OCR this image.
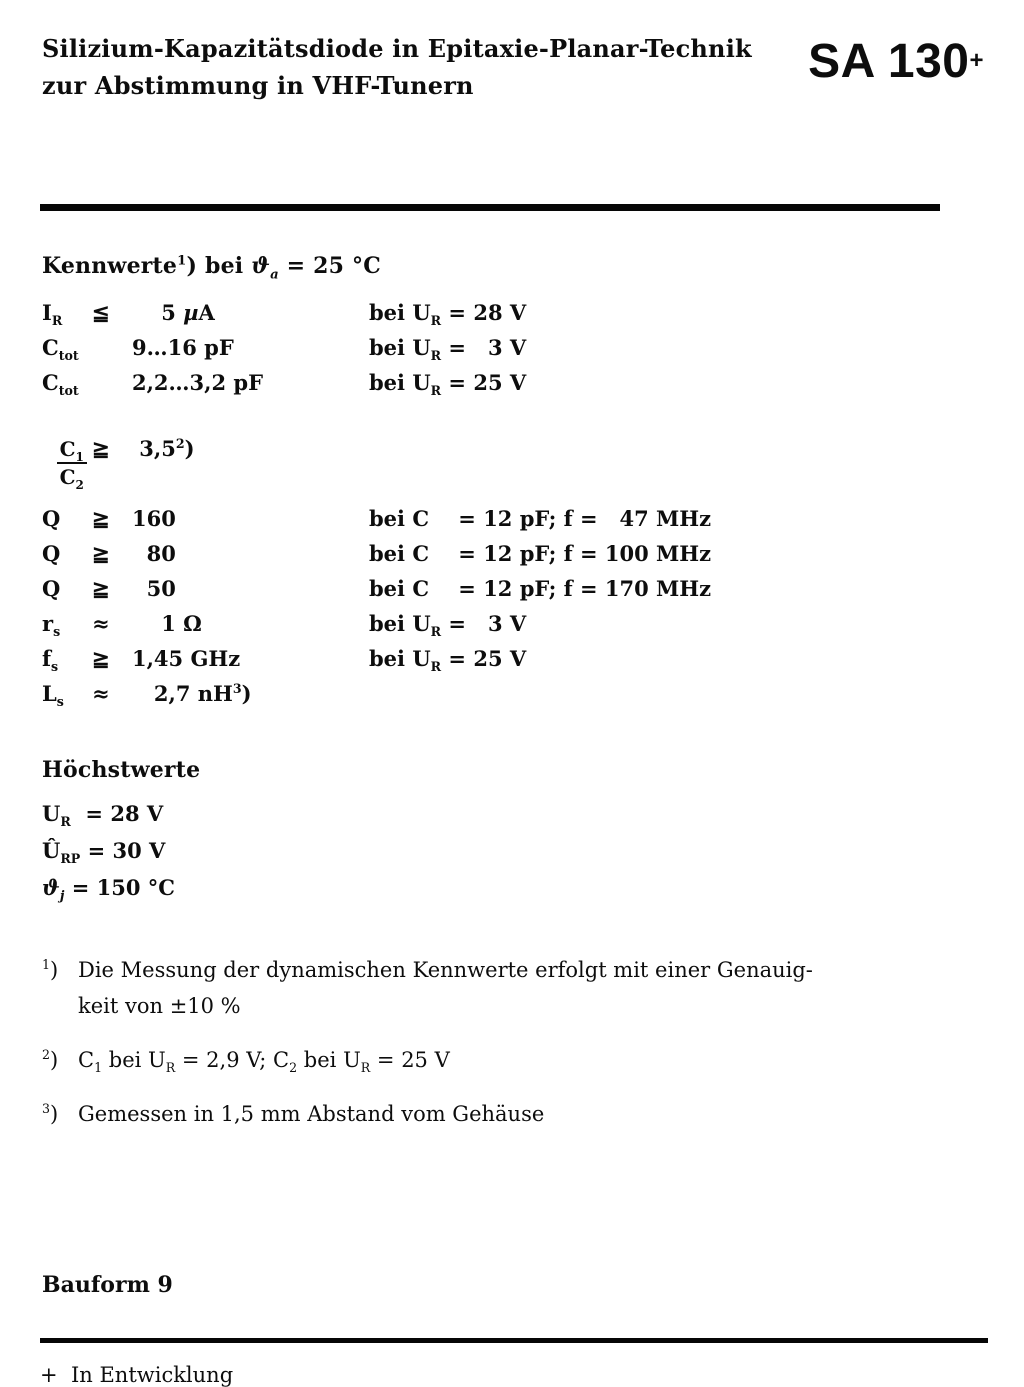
Silizium-Kapazitätsdiode in Epitaxie-Planar-Technik
zur Abstimmung in VHF-Tunern	SA 130+
Kennwerte$^1$) bei $ϑ_a = 25$ °C
$I_R$	≦	5 µA	bei $U_R = 28$ V
$C_{tot}$	9…16 pF	bei $U_R = 3$ V
$C_{tot}$	2,2…3,2 pF	bei $U_R = 25$ V

$\frac{C_1}{C_2}$ ≧	$3,5^2$)
Q	≧	160	bei C    = 12 pF; f =   47 MHz
Q	≧	80	bei C    = 12 pF; f = 100 MHz
Q	≧	50	bei C    = 12 pF; f = 170 MHz
$r_s$	≈	1 Ω	bei $U_R = 3$ V
$f_s$	≧	1,45 GHz	bei $U_R = 25$ V
$L_s$	≈	2,7 $nH^3$)
Höchstwerte
$U_R = 28$ V
$Û_{RP} = 30$ V
$ϑ_j = 150$ °C
$^1$) Die Messung der dynamischen Kennwerte erfolgt mit einer Genauig-
keit von ±10 %
$^2$) $C_1$ bei $U_R = 2,9$ V; $C_2$ bei $U_R = 25$ V
$^3$) Gemessen in 1,5 mm Abstand vom Gehäuse
Bauform 9
+ In Entwicklung
